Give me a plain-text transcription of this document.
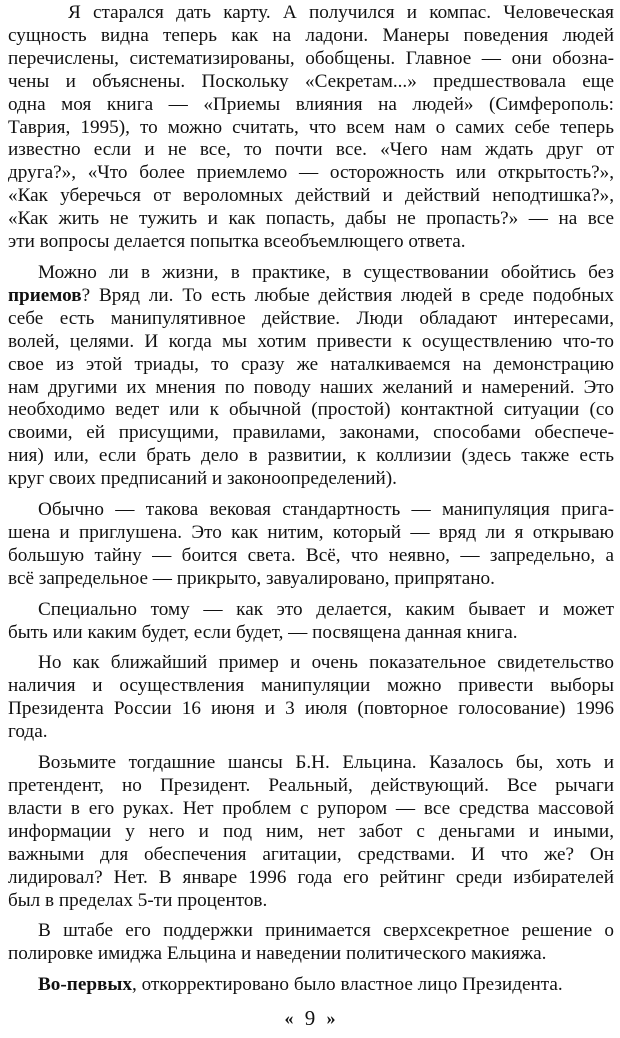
Я старался дать карту. А получился и компас. Человеческая
сущность видна теперь как на ладони. Манеры поведения людей
перечислены, систематизированы, обобщены. Главное — они обозна-
чены и объяснены. Поскольку «Секретам...» предшествовала еще
одна моя книга — «Приемы влияния на людей» (Симферополь:
Таврия, 1995), то можно считать, что всем нам о самих себе теперь
известно если и не все, то почти все. «Чего нам ждать друг от
друга?», «Что более приемлемо — осторожность или открытость?»,
«Как уберечься от вероломных действий и действий неподтишка?»,
«Как жить не тужить и как попасть, дабы не пропасть?» — на все
эти вопросы делается попытка всеобъемлющего ответа.
Можно ли в жизни, в практике, в существовании обойтись без
приемов? Вряд ли. То есть любые действия людей в среде подобных
себе есть манипулятивное действие. Люди обладают интересами,
волей, целями. И когда мы хотим привести к осуществлению что-то
свое из этой триады, то сразу же наталкиваемся на демонстрацию
нам другими их мнения по поводу наших желаний и намерений. Это
необходимо ведет или к обычной (простой) контактной ситуации (со
своими, ей присущими, правилами, законами, способами обеспече-
ния) или, если брать дело в развитии, к коллизии (здесь также есть
круг своих предписаний и законоопределений).
Обычно — такова вековая стандартность — манипуляция прига-
шена и приглушена. Это как нитим, который — вряд ли я открываю
большую тайну — боится света. Всё, что неявно, — запредельно, а
всё запредельное — прикрыто, завуалировано, припрятано.
Специально тому — как это делается, каким бывает и может
быть или каким будет, если будет, — посвящена данная книга.
Но как ближайший пример и очень показательное свидетельство
наличия и осуществления манипуляции можно привести выборы
Президента России 16 июня и 3 июля (повторное голосование) 1996
года.
Возьмите тогдашние шансы Б.Н. Ельцина. Казалось бы, хоть и
претендент, но Президент. Реальный, действующий. Все рычаги
власти в его руках. Нет проблем с рупором — все средства массовой
информации у него и под ним, нет забот с деньгами и иными,
важными для обеспечения агитации, средствами. И что же? Он
лидировал? Нет. В январе 1996 года его рейтинг среди избирателей
был в пределах 5-ти процентов.
В штабе его поддержки принимается сверхсекретное решение о
полировке имиджа Ельцина и наведении политического макияжа.
Во-первых, откорректировано было властное лицо Президента.
« 9 »
